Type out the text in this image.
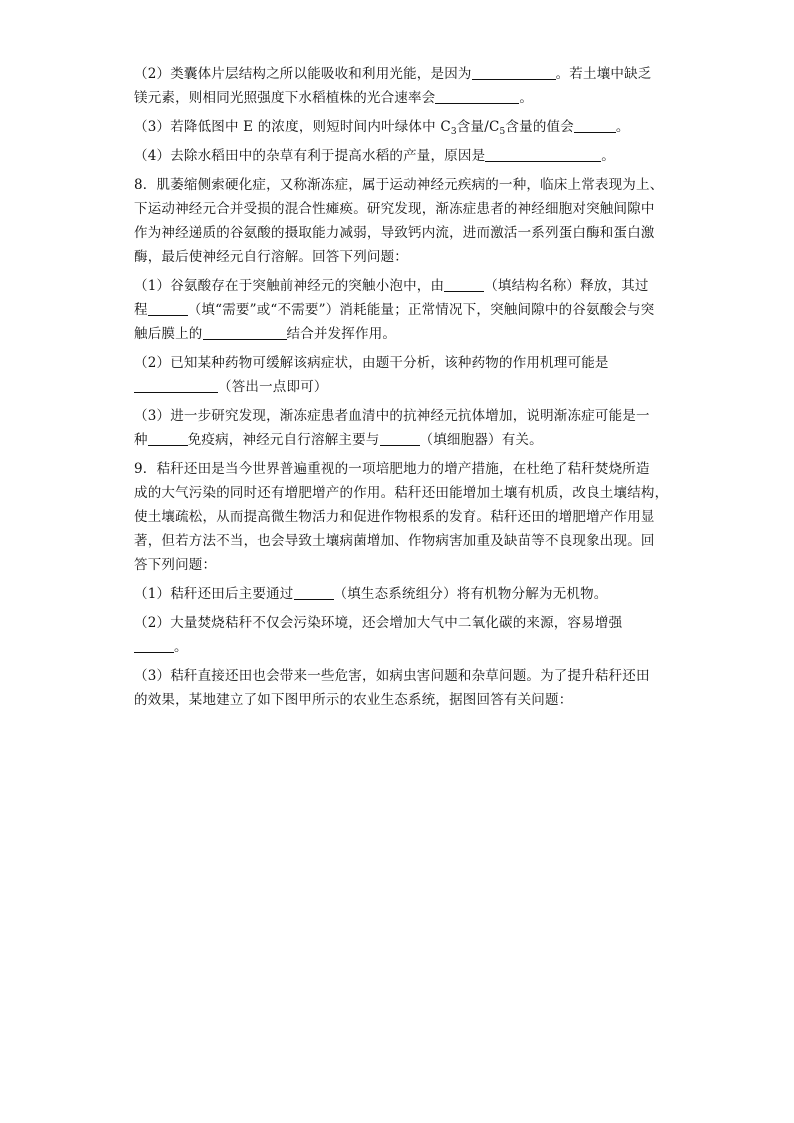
（2）类囊体片层结构之所以能吸收和利用光能，是因为	。若土壤中缺乏

镁元素，则相同光照强度下水稻植株的光合速率会	。

（3）若降低图中 E 的浓度，则短时间内叶绿体中 $C_3$含量$/C_5$含量的值会	。

（4）去除水稻田中的杂草有利于提高水稻的产量，原因是	。

8．肌萎缩侧索硬化症，又称渐冻症，属于运动神经元疾病的一种，临床上常表现为上、

下运动神经元合并受损的混合性瘫痪。研究发现，渐冻症患者的神经细胞对突触间隙中

作为神经递质的谷氨酸的摄取能力减弱，导致钙内流，进而激活一系列蛋白酶和蛋白激

酶，最后使神经元自行溶解。回答下列问题：

（1）谷氨酸存在于突触前神经元的突触小泡中，由	（填结构名称）释放，其过

程	（填“需要”或“不需要”）消耗能量；正常情况下，突触间隙中的谷氨酸会与突

触后膜上的	结合并发挥作用。

（2）已知某种药物可缓解该病症状，由题干分析，该种药物的作用机理可能是

（答出一点即可）

（3）进一步研究发现，渐冻症患者血清中的抗神经元抗体增加，说明渐冻症可能是一

种	免疫病，神经元自行溶解主要与	（填细胞器）有关。

9．秸秆还田是当今世界普遍重视的一项培肥地力的增产措施，在杜绝了秸秆焚烧所造

成的大气污染的同时还有增肥增产的作用。秸秆还田能增加土壤有机质，改良土壤结构，

使土壤疏松，从而提高微生物活力和促进作物根系的发育。秸秆还田的增肥增产作用显

著，但若方法不当，也会导致土壤病菌增加、作物病害加重及缺苗等不良现象出现。回

答下列问题：

（1）秸秆还田后主要通过	（填生态系统组分）将有机物分解为无机物。

（2）大量焚烧秸秆不仅会污染环境，还会增加大气中二氧化碳的来源，容易增强

。

（3）秸秆直接还田也会带来一些危害，如病虫害问题和杂草问题。为了提升秸秆还田

的效果，某地建立了如下图甲所示的农业生态系统，据图回答有关问题：
